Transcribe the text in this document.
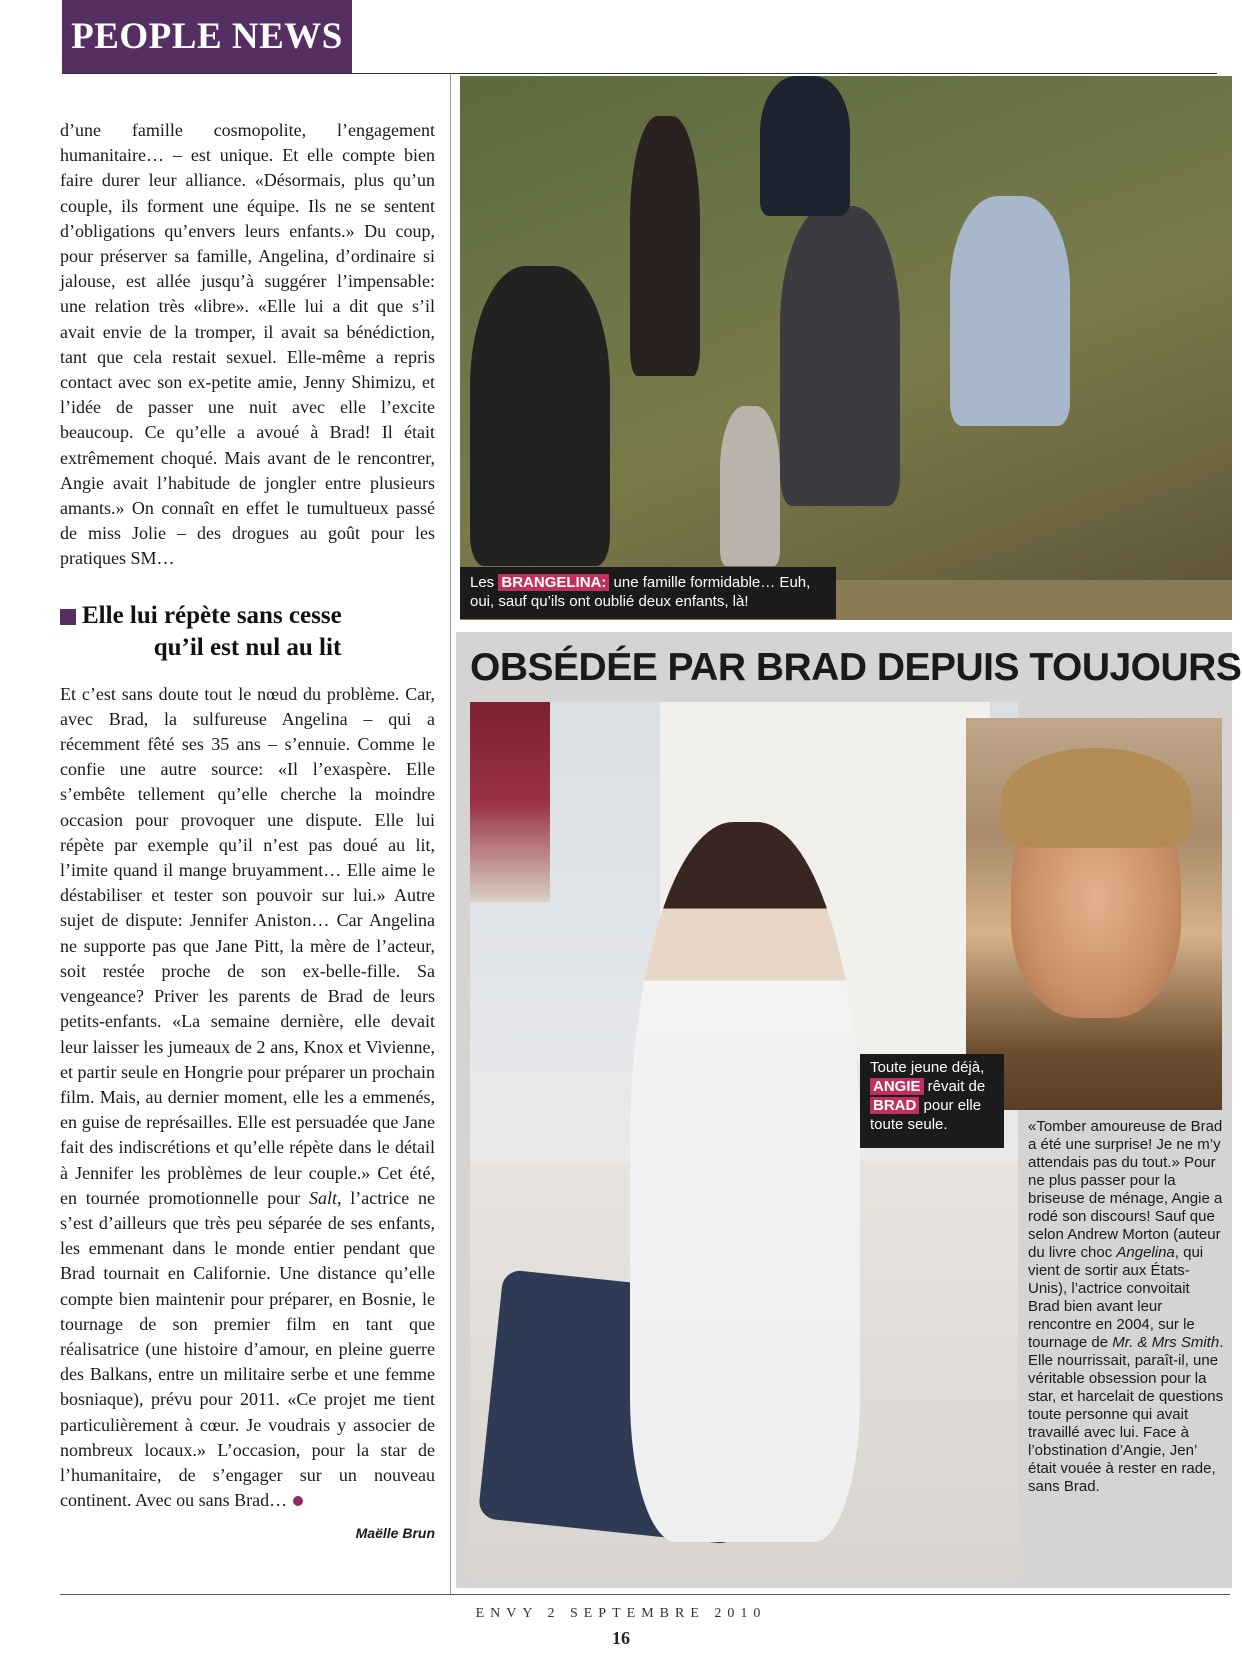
PEOPLE NEWS

d’une famille cosmopolite, l’engagement humanitaire… – est unique. Et elle compte bien faire durer leur alliance. «Désormais, plus qu’un couple, ils forment une équipe. Ils ne se sentent d’obligations qu’envers leurs enfants.» Du coup, pour préserver sa famille, Angelina, d’ordinaire si jalouse, est allée jusqu’à suggérer l’impensable: une relation très «libre». «Elle lui a dit que s’il avait envie de la tromper, il avait sa bénédiction, tant que cela restait sexuel. Elle-même a repris contact avec son ex-petite amie, Jenny Shimizu, et l’idée de passer une nuit avec elle l’excite beaucoup. Ce qu’elle a avoué à Brad! Il était extrêmement choqué. Mais avant de le rencontrer, Angie avait l’habitude de jongler entre plusieurs amants.» On connaît en effet le tumultueux passé de miss Jolie – des drogues au goût pour les pratiques SM…

Elle lui répète sans cesse
qu’il est nul au lit

Et c’est sans doute tout le nœud du problème. Car, avec Brad, la sulfureuse Angelina – qui a récemment fêté ses 35 ans – s’ennuie. Comme le confie une autre source: «Il l’exaspère. Elle s’embête tellement qu’elle cherche la moindre occasion pour provoquer une dispute. Elle lui répète par exemple qu’il n’est pas doué au lit, l’imite quand il mange bruyamment… Elle aime le déstabiliser et tester son pouvoir sur lui.» Autre sujet de dispute: Jennifer Aniston… Car Angelina ne supporte pas que Jane Pitt, la mère de l’acteur, soit restée proche de son ex-belle-fille. Sa vengeance? Priver les parents de Brad de leurs petits-enfants. «La semaine dernière, elle devait leur laisser les jumeaux de 2 ans, Knox et Vivienne, et partir seule en Hongrie pour préparer un prochain film. Mais, au dernier moment, elle les a emmenés, en guise de représailles. Elle est persuadée que Jane fait des indiscrétions et qu’elle répète dans le détail à Jennifer les problèmes de leur couple.» Cet été, en tournée promotionnelle pour Salt, l’actrice ne s’est d’ailleurs que très peu séparée de ses enfants, les emmenant dans le monde entier pendant que Brad tournait en Californie. Une distance qu’elle compte bien maintenir pour préparer, en Bosnie, le tournage de son premier film en tant que réalisatrice (une histoire d’amour, en pleine guerre des Balkans, entre un militaire serbe et une femme bosniaque), prévu pour 2011. «Ce projet me tient particulièrement à cœur. Je voudrais y associer de nombreux locaux.» L’occasion, pour la star de l’humanitaire, de s’engager sur un nouveau continent. Avec ou sans Brad…

Maëlle Brun
Les BRANGELINA: une famille formidable… Euh, oui, sauf qu’ils ont oublié deux enfants, là!
OBSÉDÉE PAR BRAD DEPUIS TOUJOURS
Toute jeune déjà,
ANGIE rêvait de
BRAD pour elle toute seule.	«Tomber amoureuse de Brad a été une surprise! Je ne m’y attendais pas du tout.» Pour ne plus passer pour la briseuse de ménage, Angie a rodé son discours! Sauf que selon Andrew Morton (auteur du livre choc Angelina, qui vient de sortir aux États-Unis), l’actrice convoitait Brad bien avant leur rencontre en 2004, sur le tournage de Mr. & Mrs Smith. Elle nourrissait, paraît-il, une véritable obsession pour la star, et harcelait de questions toute personne qui avait travaillé avec lui. Face à l’obstination d’Angie, Jen’ était vouée à rester en rade, sans Brad.
ENVY 2 SEPTEMBRE 2010
16
